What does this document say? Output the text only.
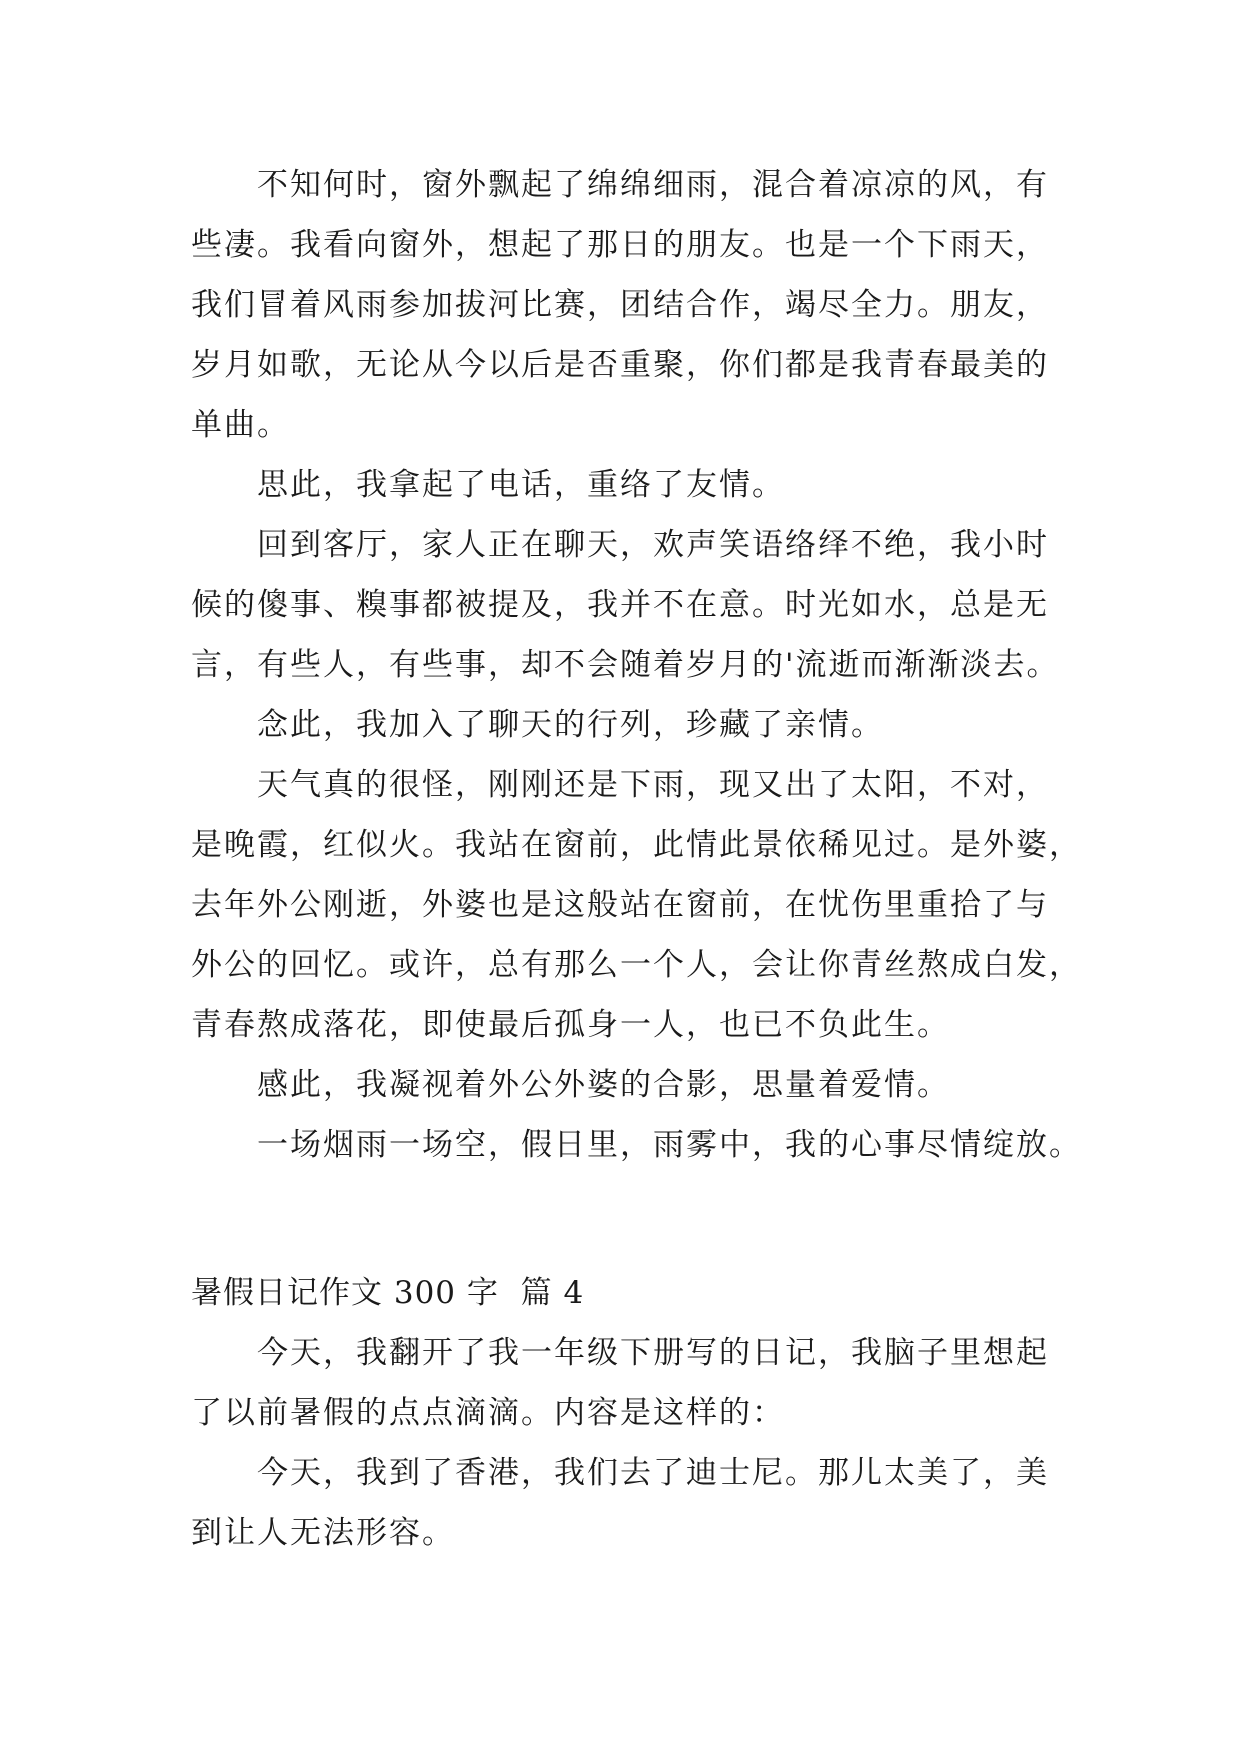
不知何时，窗外飘起了绵绵细雨，混合着凉凉的风，有
些凄。我看向窗外，想起了那日的朋友。也是一个下雨天，
我们冒着风雨参加拔河比赛，团结合作，竭尽全力。朋友，
岁月如歌，无论从今以后是否重聚，你们都是我青春最美的
单曲。
思此，我拿起了电话，重络了友情。
回到客厅，家人正在聊天，欢声笑语络绎不绝，我小时
候的傻事、糗事都被提及，我并不在意。时光如水，总是无
言，有些人，有些事，却不会随着岁月的'流逝而渐渐淡去。
念此，我加入了聊天的行列，珍藏了亲情。
天气真的很怪，刚刚还是下雨，现又出了太阳，不对，
是晚霞，红似火。我站在窗前，此情此景依稀见过。是外婆，
去年外公刚逝，外婆也是这般站在窗前，在忧伤里重拾了与
外公的回忆。或许，总有那么一个人，会让你青丝熬成白发，
青春熬成落花，即使最后孤身一人，也已不负此生。
感此，我凝视着外公外婆的合影，思量着爱情。
一场烟雨一场空，假日里，雨雾中，我的心事尽情绽放。
暑假日记作文 300 字  篇 4
今天，我翻开了我一年级下册写的日记，我脑子里想起
了以前暑假的点点滴滴。内容是这样的：
今天，我到了香港，我们去了迪士尼。那儿太美了，美
到让人无法形容。
